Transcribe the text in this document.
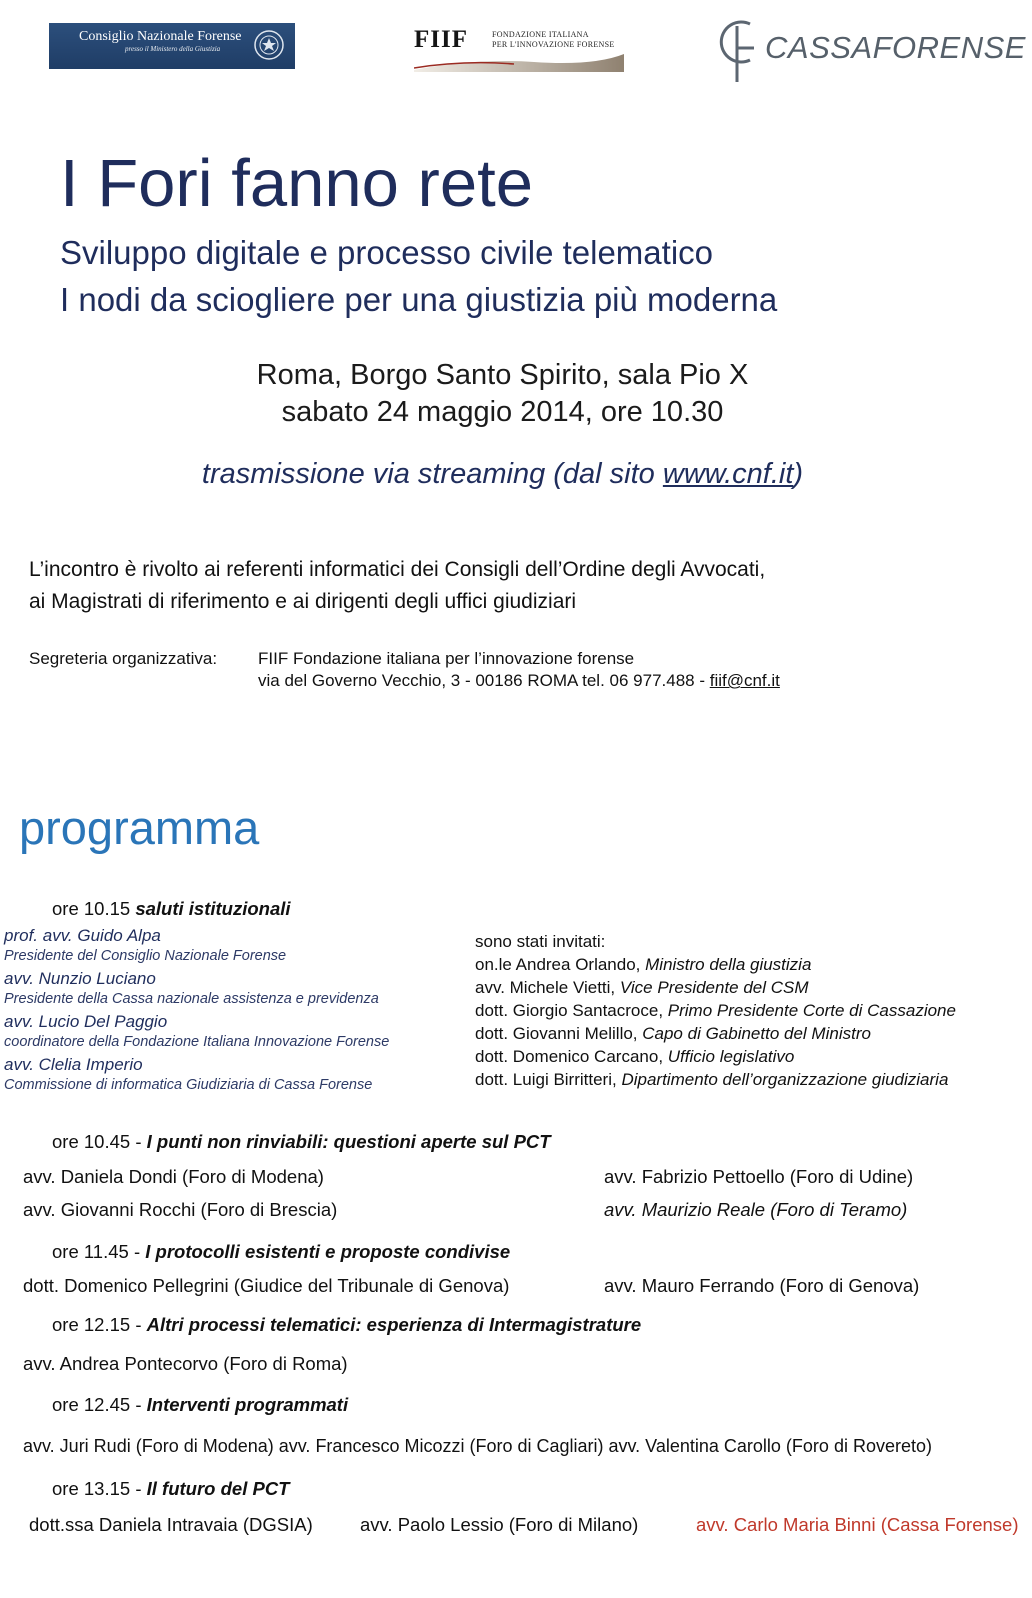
Consiglio Nazionale Forense
presso il Ministero della Giustizia	FIIF	FONDAZIONE ITALIANA
PER L'INNOVAZIONE FORENSE	CASSAFORENSE
I Fori fanno rete
Sviluppo digitale e processo civile telematico
I nodi da sciogliere per una giustizia più moderna
Roma, Borgo Santo Spirito, sala Pio X
sabato 24 maggio 2014, ore 10.30
trasmissione via streaming (dal sito www.cnf.it)
L’incontro è rivolto ai referenti informatici dei Consigli dell’Ordine degli Avvocati,
ai Magistrati di riferimento e ai dirigenti degli uffici giudiziari
Segreteria organizzativa: FIIF Fondazione italiana per l’innovazione forense
via del Governo Vecchio, 3 - 00186 ROMA tel. 06 977.488 - fiif@cnf.it
programma
ore 10.15 saluti istituzionali
prof. avv. Guido Alpa
Presidente del Consiglio Nazionale Forense
avv. Nunzio Luciano
Presidente della Cassa nazionale assistenza e previdenza
avv. Lucio Del Paggio
coordinatore della Fondazione Italiana Innovazione Forense
avv. Clelia Imperio
Commissione di informatica Giudiziaria di Cassa Forense
sono stati invitati:
on.le Andrea Orlando, Ministro della giustizia
avv. Michele Vietti, Vice Presidente del CSM
dott. Giorgio Santacroce, Primo Presidente Corte di Cassazione
dott. Giovanni Melillo, Capo di Gabinetto del Ministro
dott. Domenico Carcano, Ufficio legislativo
dott. Luigi Birritteri, Dipartimento dell’organizzazione giudiziaria
ore 10.45 - I punti non rinviabili: questioni aperte sul PCT
avv. Daniela Dondi (Foro di Modena)	avv. Fabrizio Pettoello (Foro di Udine)
avv. Giovanni Rocchi (Foro di Brescia)	avv. Maurizio Reale (Foro di Teramo)
ore 11.45 - I protocolli esistenti e proposte condivise
dott. Domenico Pellegrini (Giudice del Tribunale di Genova)	avv. Mauro Ferrando (Foro di Genova)
ore 12.15 - Altri processi telematici: esperienza di Intermagistrature
avv. Andrea Pontecorvo (Foro di Roma)
ore 12.45 - Interventi programmati
avv. Juri Rudi (Foro di Modena) avv. Francesco Micozzi (Foro di Cagliari) avv. Valentina Carollo (Foro di Rovereto)
ore 13.15 - Il futuro del PCT
dott.ssa Daniela Intravaia (DGSIA)	avv. Paolo Lessio (Foro di Milano)	avv. Carlo Maria Binni (Cassa Forense)
